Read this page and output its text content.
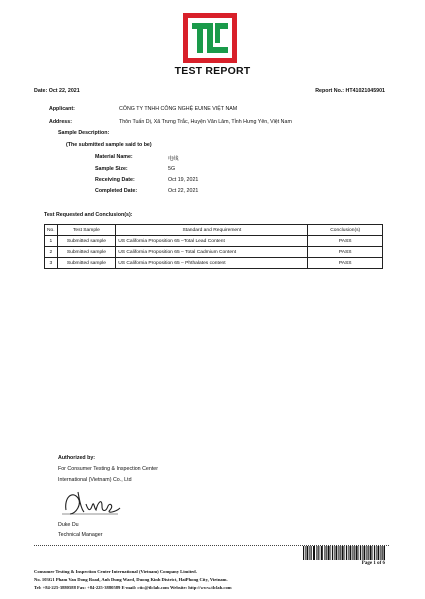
TEST REPORT
Date: Oct 22, 2021	Report No.: HT41021045901
Applicant:	CÔNG TY TNHH CÔNG NGHỆ EUINE VIỆT NAM
Address:	Thôn Tuấn Dị, Xã Trưng Trắc, Huyện Văn Lâm, Tỉnh Hưng Yên, Việt Nam
Sample Description:
(The submitted sample said to be)
Material Name:	电线
Sample Size:	5G
Receiving Date:	Oct 19, 2021
Completed Date:	Oct 22, 2021
Test Requested and Conclusion(s):
No.	Test Sample	Standard and Requirement	Conclusion(s)
1	Submitted sample	US California Proposition 65 –Total Lead Content	PASS
2	Submitted sample	US California Proposition 65 – Total Cadmium Content	PASS
3	Submitted sample	US California Proposition 65 – Phthalates content	PASS
Authorized by:
For Consumer Testing & Inspection Center
International (Vietnam) Co., Ltd
Duke Du
Technical Manager
Page 1 of 6
Consumer Testing & Inspection Center International (Vietnam) Company Limited.
No. 103G1 Pham Van Dong Road, Anh Dung Ward, Duong Kinh District, HaiPhong City, Vietnam.
Tel: +84-225-3880588 Fax: +84-225-3880589 E-mail: ctic@tlclab.com Website: http://www.tlclab.com
